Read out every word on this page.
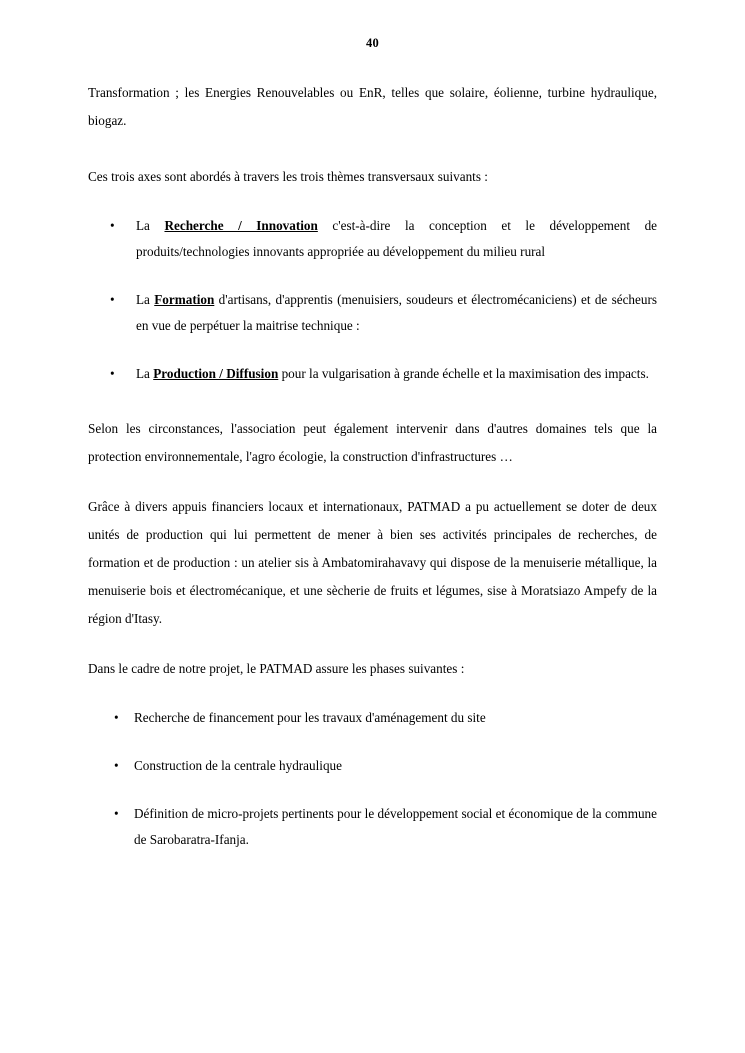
40

Transformation ; les Energies Renouvelables ou EnR, telles que solaire, éolienne, turbine hydraulique, biogaz.

Ces trois axes sont abordés à travers les trois thèmes transversaux suivants :

• La Recherche / Innovation c'est-à-dire la conception et le développement de produits/technologies innovants appropriée au développement du milieu rural
• La Formation d'artisans, d'apprentis (menuisiers, soudeurs et électromécaniciens) et de sécheurs en vue de perpétuer la maitrise technique :
• La Production / Diffusion pour la vulgarisation à grande échelle et la maximisation des impacts.

Selon les circonstances, l'association peut également intervenir dans d'autres domaines tels que la protection environnementale, l'agro écologie, la construction d'infrastructures …

Grâce à divers appuis financiers locaux et internationaux, PATMAD a pu actuellement se doter de deux unités de production qui lui permettent de mener à bien ses activités principales de recherches, de formation et de production : un atelier sis à Ambatomirahavavy qui dispose de la menuiserie métallique, la menuiserie bois et électromécanique, et une sècherie de fruits et légumes, sise à Moratsiazo Ampefy de la région d'Itasy.

Dans le cadre de notre projet, le PATMAD assure les phases suivantes :

• Recherche de financement pour les travaux d'aménagement du site
• Construction de la centrale hydraulique
• Définition de micro-projets pertinents pour le développement social et économique de la commune de Sarobaratra-Ifanja.
